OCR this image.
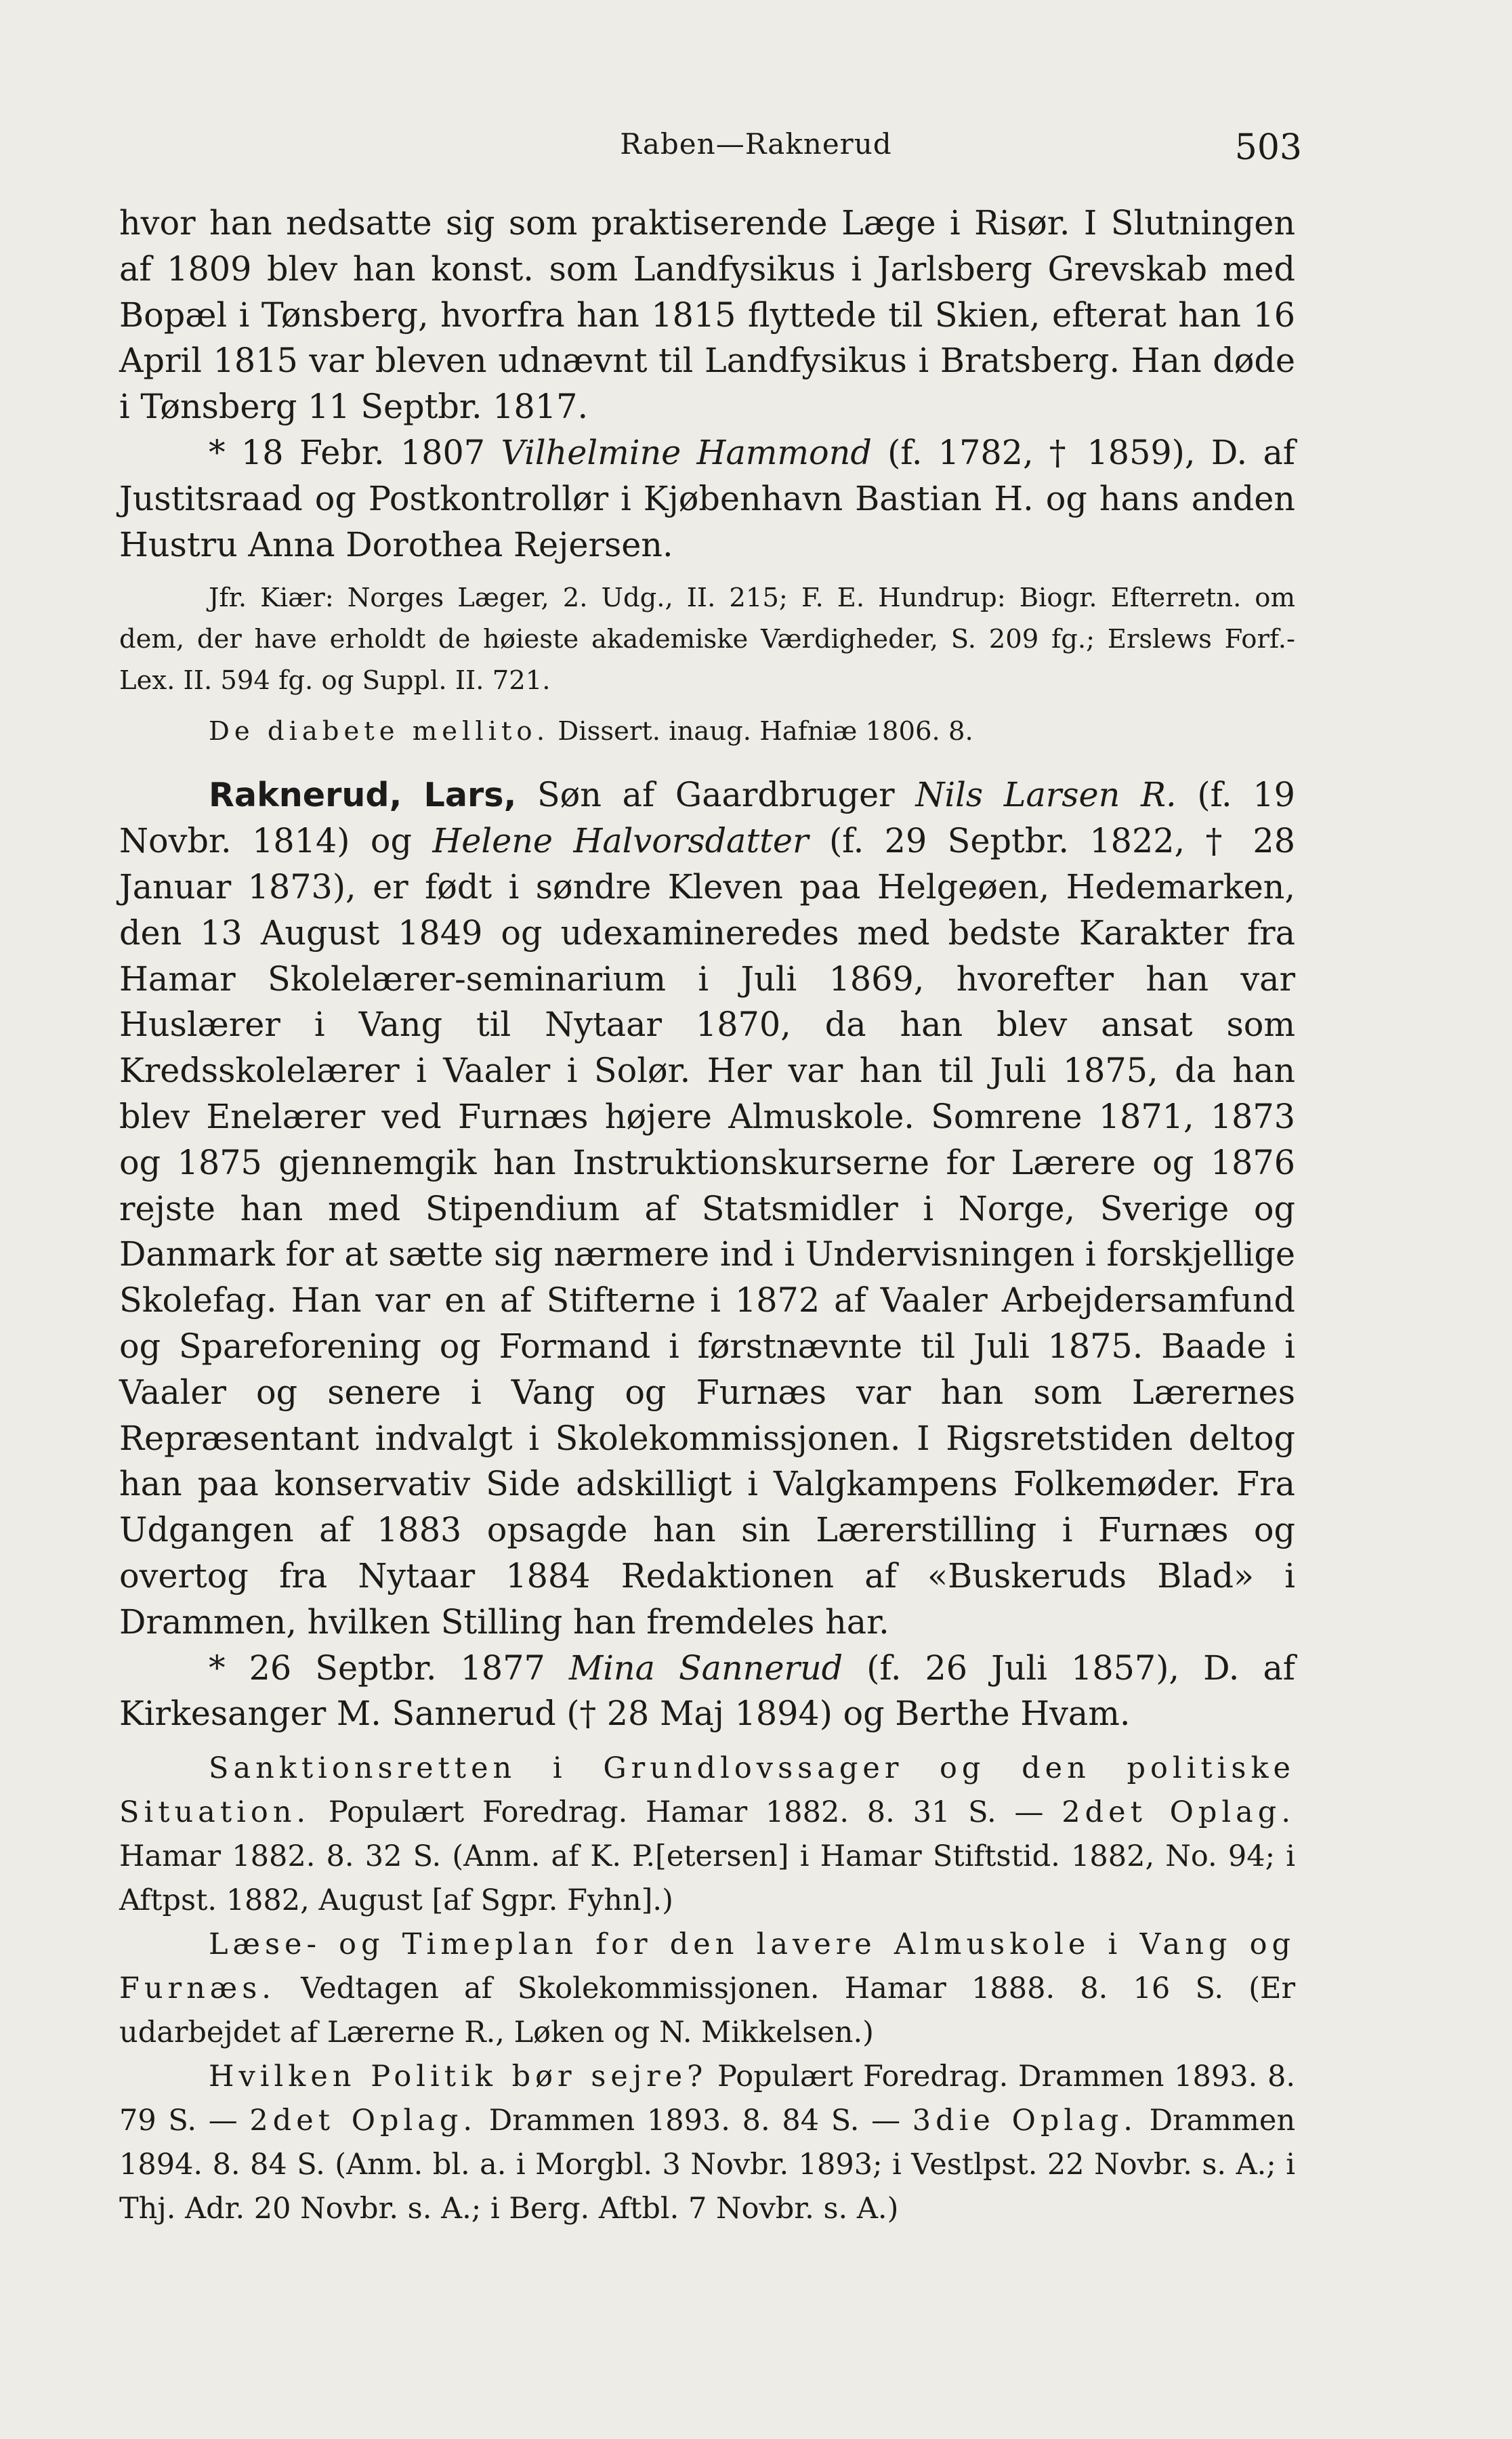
Raben—Raknerud	503

hvor han nedsatte sig som praktiserende Læge i Risør. I Slutningen af 1809 blev han konst. som Landfysikus i Jarlsberg Grevskab med Bopæl i Tønsberg, hvorfra han 1815 flyttede til Skien, efterat han 16 April 1815 var bleven udnævnt til Landfysikus i Bratsberg. Han døde i Tønsberg 11 Septbr. 1817.

* 18 Febr. 1807 Vilhelmine Hammond (f. 1782, † 1859), D. af Justitsraad og Postkontrollør i Kjøbenhavn Bastian H. og hans anden Hustru Anna Dorothea Rejersen.

Jfr. Kiær: Norges Læger, 2. Udg., II. 215; F. E. Hundrup: Biogr. Efterretn. om dem, der have erholdt de høieste akademiske Værdigheder, S. 209 fg.; Erslews Forf.-Lex. II. 594 fg. og Suppl. II. 721.

De diabete mellito. Dissert. inaug. Hafniæ 1806. 8.

Raknerud, Lars, Søn af Gaardbruger Nils Larsen R. (f. 19 Novbr. 1814) og Helene Halvorsdatter (f. 29 Septbr. 1822, † 28 Januar 1873), er født i søndre Kleven paa Helgeøen, Hedemarken, den 13 August 1849 og udexamineredes med bedste Karakter fra Hamar Skolelærer-seminarium i Juli 1869, hvorefter han var Huslærer i Vang til Nytaar 1870, da han blev ansat som Kredsskolelærer i Vaaler i Solør. Her var han til Juli 1875, da han blev Enelærer ved Furnæs højere Almuskole. Somrene 1871, 1873 og 1875 gjennemgik han Instruktionskurserne for Lærere og 1876 rejste han med Stipendium af Statsmidler i Norge, Sverige og Danmark for at sætte sig nærmere ind i Undervisningen i forskjellige Skolefag. Han var en af Stifterne i 1872 af Vaaler Arbejdersamfund og Spareforening og Formand i førstnævnte til Juli 1875. Baade i Vaaler og senere i Vang og Furnæs var han som Lærernes Repræsentant indvalgt i Skolekommissjonen. I Rigsretstiden deltog han paa konservativ Side adskilligt i Valgkampens Folkemøder. Fra Udgangen af 1883 opsagde han sin Lærerstilling i Furnæs og overtog fra Nytaar 1884 Redaktionen af «Buskeruds Blad» i Drammen, hvilken Stilling han fremdeles har.

* 26 Septbr. 1877 Mina Sannerud (f. 26 Juli 1857), D. af Kirkesanger M. Sannerud († 28 Maj 1894) og Berthe Hvam.

Sanktionsretten i Grundlovssager og den politiske Situation. Populært Foredrag. Hamar 1882. 8. 31 S. — 2det Oplag. Hamar 1882. 8. 32 S. (Anm. af K. P.[etersen] i Hamar Stiftstid. 1882, No. 94; i Aftpst. 1882, August [af Sgpr. Fyhn].)

Læse- og Timeplan for den lavere Almuskole i Vang og Furnæs. Vedtagen af Skolekommissjonen. Hamar 1888. 8. 16 S. (Er udarbejdet af Lærerne R., Løken og N. Mikkelsen.)

Hvilken Politik bør sejre? Populært Foredrag. Drammen 1893. 8. 79 S. — 2det Oplag. Drammen 1893. 8. 84 S. — 3die Oplag. Drammen 1894. 8. 84 S. (Anm. bl. a. i Morgbl. 3 Novbr. 1893; i Vestlpst. 22 Novbr. s. A.; i Thj. Adr. 20 Novbr. s. A.; i Berg. Aftbl. 7 Novbr. s. A.)
